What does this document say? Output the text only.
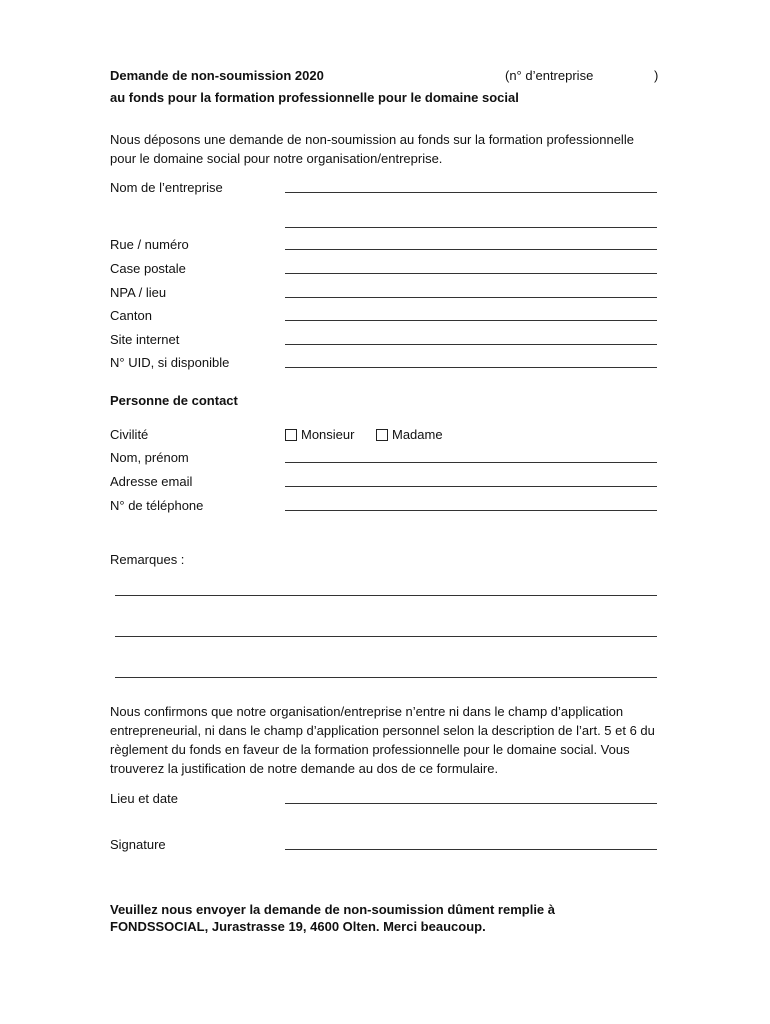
Demande de non-soumission 2020	(n° d’entreprise	)
au fonds pour la formation professionnelle pour le domaine social
Nous déposons une demande de non-soumission au fonds sur la formation professionnelle pour le domaine social pour notre organisation/entreprise.
Nom de l’entreprise
Rue / numéro
Case postale
NPA / lieu
Canton
Site internet
N° UID, si disponible
Personne de contact
Civilité	Monsieur	Madame
Nom, prénom
Adresse email
N° de téléphone
Remarques :
Nous confirmons que notre organisation/entreprise n’entre ni dans le champ d’application entrepreneurial, ni dans le champ d’application personnel selon la description de l’art. 5 et 6 du règlement du fonds en faveur de la formation professionnelle pour le domaine social. Vous trouverez la justification de notre demande au dos de ce formulaire.
Lieu et date
Signature
Veuillez nous envoyer la demande de non-soumission dûment remplie à
FONDSSOCIAL, Jurastrasse 19, 4600 Olten. Merci beaucoup.
